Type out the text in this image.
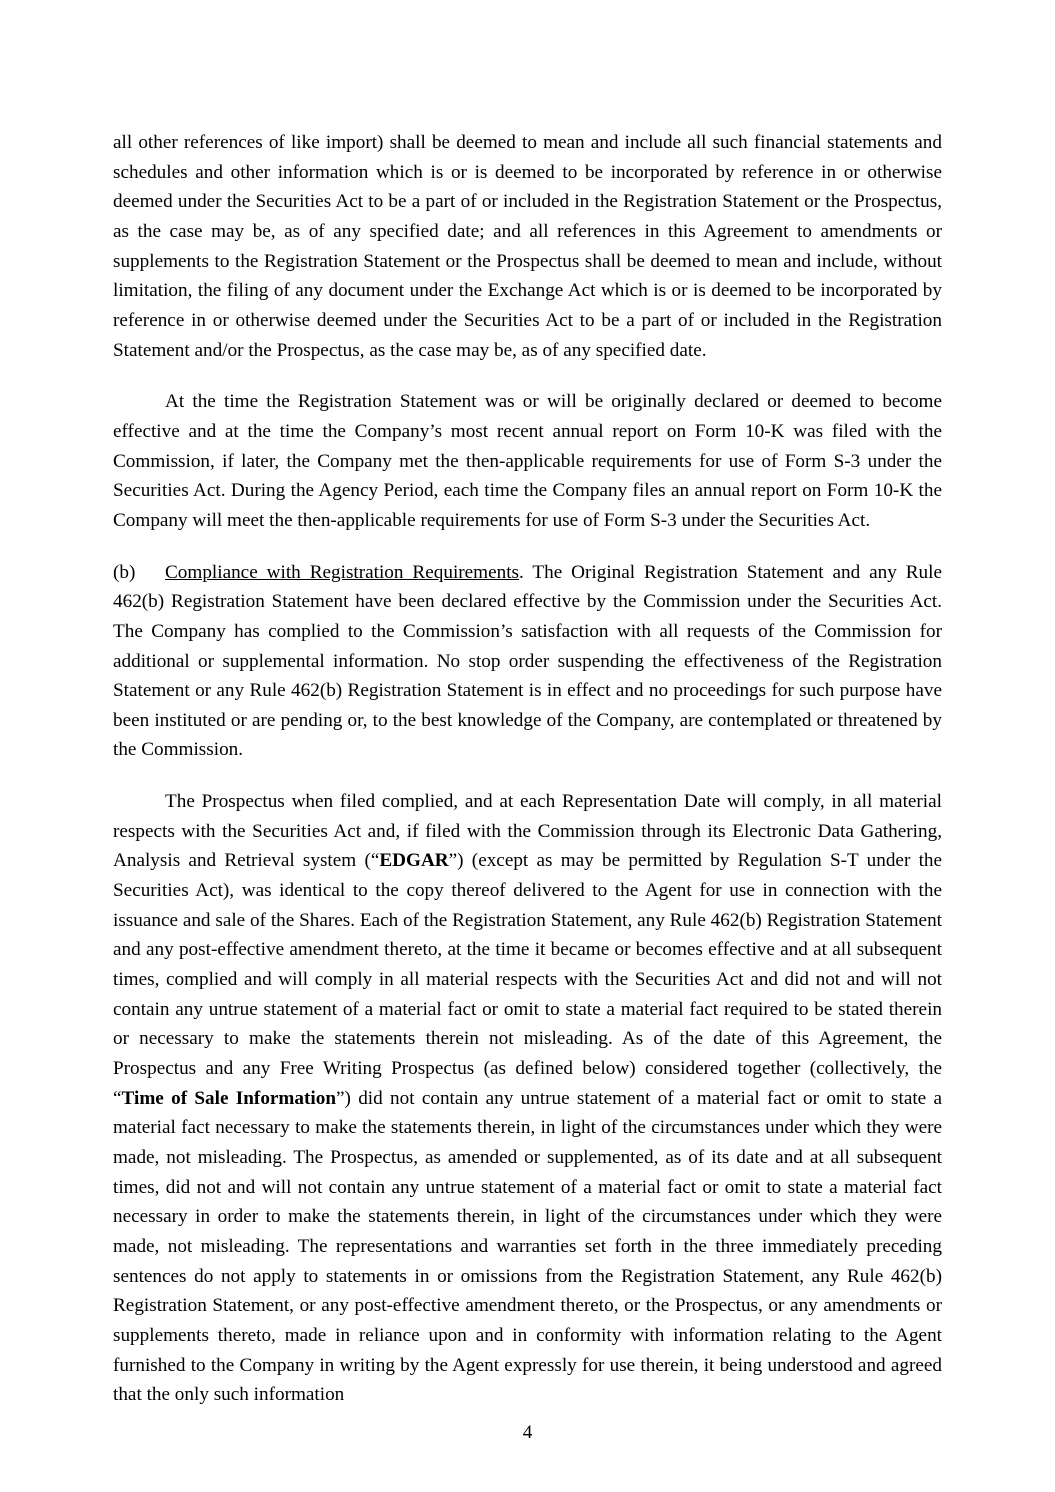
all other references of like import) shall be deemed to mean and include all such financial statements and schedules and other information which is or is deemed to be incorporated by reference in or otherwise deemed under the Securities Act to be a part of or included in the Registration Statement or the Prospectus, as the case may be, as of any specified date; and all references in this Agreement to amendments or supplements to the Registration Statement or the Prospectus shall be deemed to mean and include, without limitation, the filing of any document under the Exchange Act which is or is deemed to be incorporated by reference in or otherwise deemed under the Securities Act to be a part of or included in the Registration Statement and/or the Prospectus, as the case may be, as of any specified date.

At the time the Registration Statement was or will be originally declared or deemed to become effective and at the time the Company’s most recent annual report on Form 10-K was filed with the Commission, if later, the Company met the then-applicable requirements for use of Form S-3 under the Securities Act. During the Agency Period, each time the Company files an annual report on Form 10-K the Company will meet the then-applicable requirements for use of Form S-3 under the Securities Act.

(b) Compliance with Registration Requirements. The Original Registration Statement and any Rule 462(b) Registration Statement have been declared effective by the Commission under the Securities Act. The Company has complied to the Commission’s satisfaction with all requests of the Commission for additional or supplemental information. No stop order suspending the effectiveness of the Registration Statement or any Rule 462(b) Registration Statement is in effect and no proceedings for such purpose have been instituted or are pending or, to the best knowledge of the Company, are contemplated or threatened by the Commission.

The Prospectus when filed complied, and at each Representation Date will comply, in all material respects with the Securities Act and, if filed with the Commission through its Electronic Data Gathering, Analysis and Retrieval system (“EDGAR”) (except as may be permitted by Regulation S-T under the Securities Act), was identical to the copy thereof delivered to the Agent for use in connection with the issuance and sale of the Shares. Each of the Registration Statement, any Rule 462(b) Registration Statement and any post-effective amendment thereto, at the time it became or becomes effective and at all subsequent times, complied and will comply in all material respects with the Securities Act and did not and will not contain any untrue statement of a material fact or omit to state a material fact required to be stated therein or necessary to make the statements therein not misleading. As of the date of this Agreement, the Prospectus and any Free Writing Prospectus (as defined below) considered together (collectively, the “Time of Sale Information”) did not contain any untrue statement of a material fact or omit to state a material fact necessary to make the statements therein, in light of the circumstances under which they were made, not misleading. The Prospectus, as amended or supplemented, as of its date and at all subsequent times, did not and will not contain any untrue statement of a material fact or omit to state a material fact necessary in order to make the statements therein, in light of the circumstances under which they were made, not misleading. The representations and warranties set forth in the three immediately preceding sentences do not apply to statements in or omissions from the Registration Statement, any Rule 462(b) Registration Statement, or any post-effective amendment thereto, or the Prospectus, or any amendments or supplements thereto, made in reliance upon and in conformity with information relating to the Agent furnished to the Company in writing by the Agent expressly for use therein, it being understood and agreed that the only such information

4
